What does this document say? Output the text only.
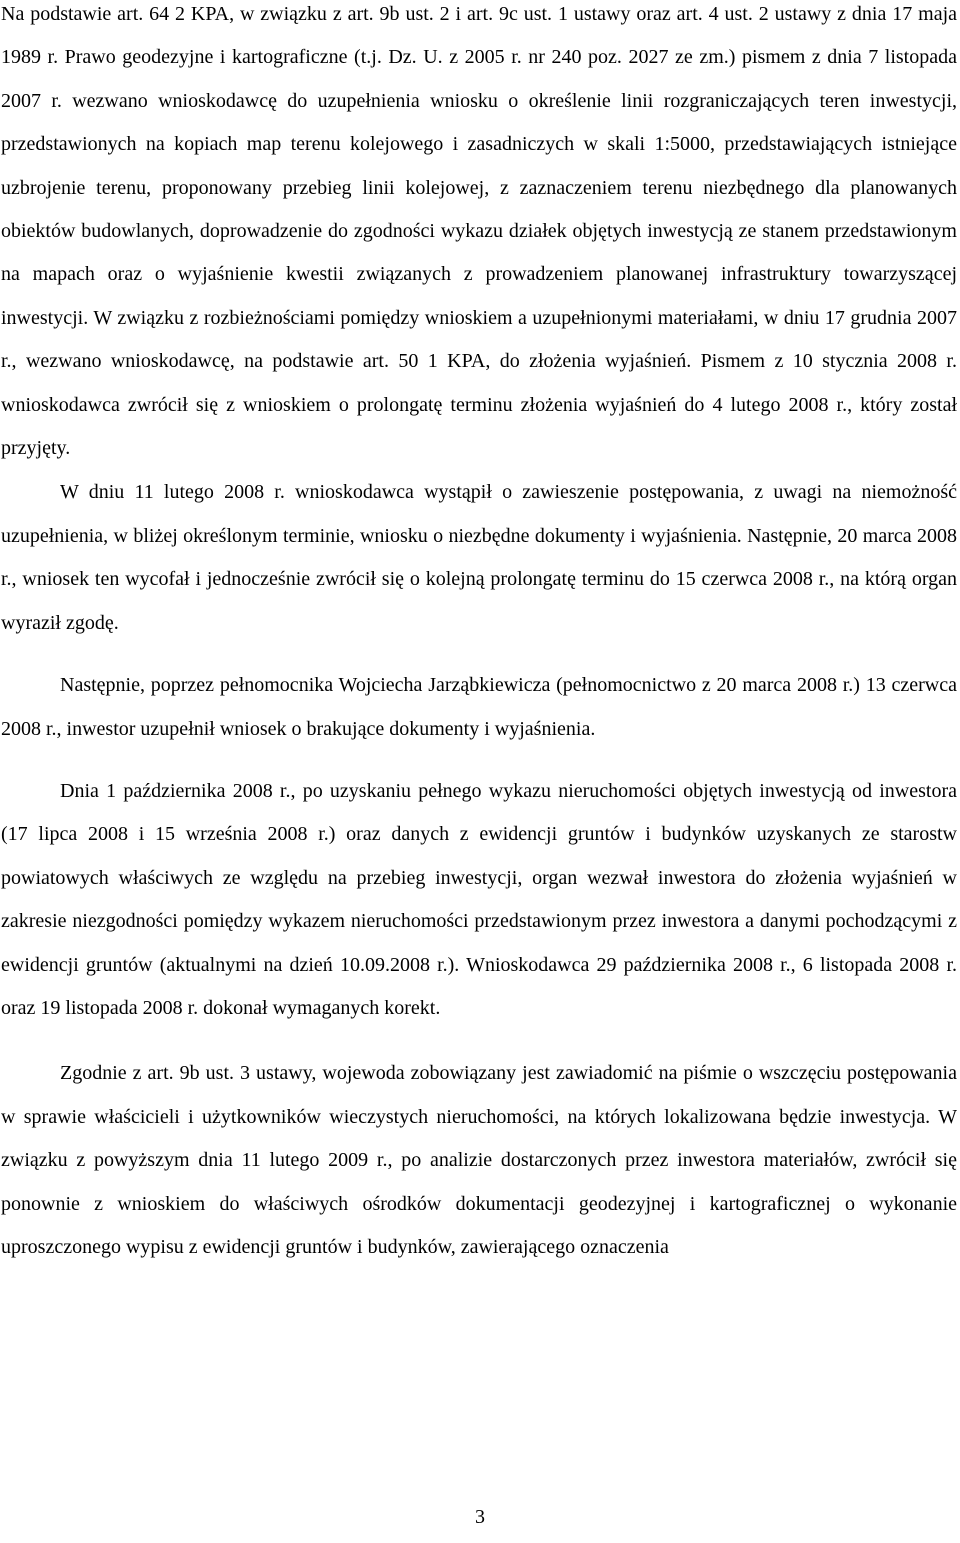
Na podstawie art. 64 2 KPA, w związku z art. 9b ust. 2 i art. 9c ust. 1 ustawy oraz art. 4 ust. 2 ustawy z dnia 17 maja 1989 r. Prawo geodezyjne i kartograficzne (t.j. Dz. U. z 2005 r. nr 240 poz. 2027 ze zm.) pismem z dnia 7 listopada 2007 r. wezwano wnioskodawcę do uzupełnienia wniosku o określenie linii rozgraniczających teren inwestycji, przedstawionych na kopiach map terenu kolejowego i zasadniczych w skali 1:5000, przedstawiających istniejące uzbrojenie terenu, proponowany przebieg linii kolejowej, z zaznaczeniem terenu niezbędnego dla planowanych obiektów budowlanych, doprowadzenie do zgodności wykazu działek objętych inwestycją ze stanem przedstawionym na mapach oraz o wyjaśnienie kwestii związanych z prowadzeniem planowanej infrastruktury towarzyszącej inwestycji. W związku z rozbieżnościami pomiędzy wnioskiem a uzupełnionymi materiałami, w dniu 17 grudnia 2007 r., wezwano wnioskodawcę, na podstawie art. 50 1 KPA, do złożenia wyjaśnień. Pismem z 10 stycznia 2008 r. wnioskodawca zwrócił się z wnioskiem o prolongatę terminu złożenia wyjaśnień do 4 lutego 2008 r., który został przyjęty.

W dniu 11 lutego 2008 r. wnioskodawca wystąpił o zawieszenie postępowania, z uwagi na niemożność uzupełnienia, w bliżej określonym terminie, wniosku o niezbędne dokumenty i wyjaśnienia. Następnie, 20 marca 2008 r., wniosek ten wycofał i jednocześnie zwrócił się o kolejną prolongatę terminu do 15 czerwca 2008 r., na którą organ wyraził zgodę.

Następnie, poprzez pełnomocnika Wojciecha Jarząbkiewicza (pełnomocnictwo z 20 marca 2008 r.) 13 czerwca 2008 r., inwestor uzupełnił wniosek o brakujące dokumenty i wyjaśnienia.

Dnia 1 października 2008 r., po uzyskaniu pełnego wykazu nieruchomości objętych inwestycją od inwestora (17 lipca 2008 i 15 września 2008 r.) oraz danych z ewidencji gruntów i budynków uzyskanych ze starostw powiatowych właściwych ze względu na przebieg inwestycji, organ wezwał inwestora do złożenia wyjaśnień w zakresie niezgodności pomiędzy wykazem nieruchomości przedstawionym przez inwestora a danymi pochodzącymi z ewidencji gruntów (aktualnymi na dzień 10.09.2008 r.). Wnioskodawca 29 października 2008 r., 6 listopada 2008 r. oraz 19 listopada 2008 r. dokonał wymaganych korekt.

Zgodnie z art. 9b ust. 3 ustawy, wojewoda zobowiązany jest zawiadomić na piśmie o wszczęciu postępowania w sprawie właścicieli i użytkowników wieczystych nieruchomości, na których lokalizowana będzie inwestycja. W związku z powyższym dnia 11 lutego 2009 r., po analizie dostarczonych przez inwestora materiałów, zwrócił się ponownie z wnioskiem do właściwych ośrodków dokumentacji geodezyjnej i kartograficznej o wykonanie uproszczonego wypisu z ewidencji gruntów i budynków, zawierającego oznaczenia

3
